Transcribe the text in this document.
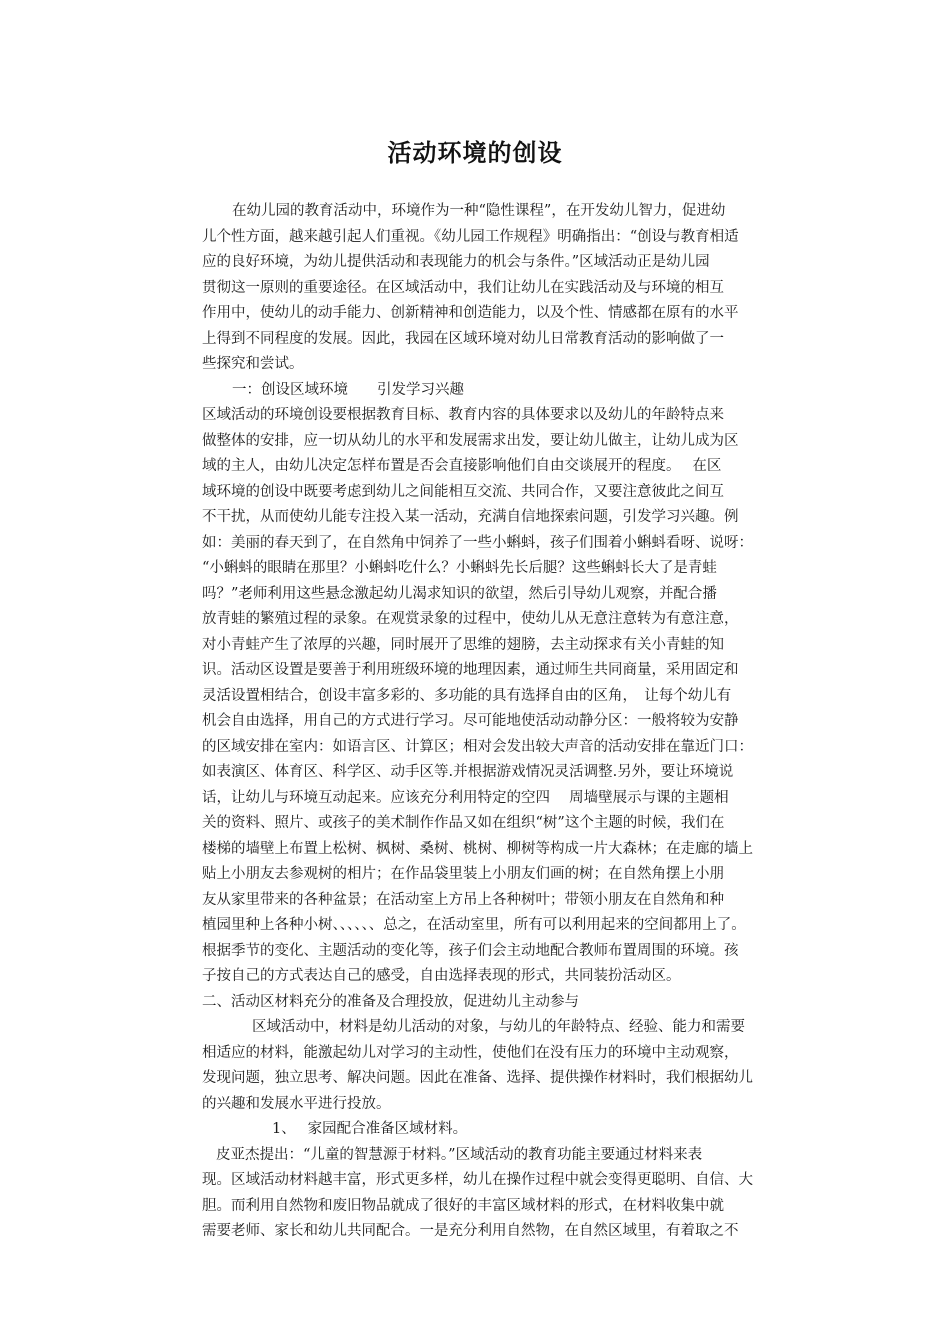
活动环境的创设
在幼儿园的教育活动中，环境作为一种“隐性课程”，在开发幼儿智力，促进幼
儿个性方面，越来越引起人们重视。《幼儿园工作规程》明确指出：“创设与教育相适
应的良好环境，为幼儿提供活动和表现能力的机会与条件。”区域活动正是幼儿园
贯彻这一原则的重要途径。在区域活动中，我们让幼儿在实践活动及与环境的相互
作用中，使幼儿的动手能力、创新精神和创造能力，以及个性、情感都在原有的水平
上得到不同程度的发展。因此，我园在区域环境对幼儿日常教育活动的影响做了一
些探究和尝试。
一：创设区域环境　　引发学习兴趣
区域活动的环境创设要根据教育目标、教育内容的具体要求以及幼儿的年龄特点来
做整体的安排，应一切从幼儿的水平和发展需求出发，要让幼儿做主，让幼儿成为区
域的主人，由幼儿决定怎样布置是否会直接影响他们自由交谈展开的程度。　 在区
域环境的创设中既要考虑到幼儿之间能相互交流、共同合作，又要注意彼此之间互
不干扰，从而使幼儿能专注投入某一活动，充满自信地探索问题，引发学习兴趣。例
如：美丽的春天到了，在自然角中饲养了一些小蝌蚪，孩子们围着小蝌蚪看呀、说呀：
“小蝌蚪的眼睛在那里？小蝌蚪吃什么？小蝌蚪先长后腿？这些蝌蚪长大了是青蛙
吗？”老师利用这些悬念激起幼儿渴求知识的欲望，然后引导幼儿观察，并配合播
放青蛙的繁殖过程的录象。在观赏录象的过程中，使幼儿从无意注意转为有意注意，
对小青蛙产生了浓厚的兴趣，同时展开了思维的翅膀，去主动探求有关小青蛙的知
识。活动区设置是要善于利用班级环境的地理因素，通过师生共同商量，采用固定和
灵活设置相结合，创设丰富多彩的、多功能的具有选择自由的区角，　让每个幼儿有
机会自由选择，用自己的方式进行学习。尽可能地使活动动静分区：一般将较为安静
的区域安排在室内：如语言区、计算区；相对会发出较大声音的活动安排在靠近门口：
如表演区、体育区、科学区、动手区等.并根据游戏情况灵活调整.另外，要让环境说
话，让幼儿与环境互动起来。应该充分利用特定的空四　 周墙壁展示与课的主题相
关的资料、照片、或孩子的美术制作作品又如在组织“树”这个主题的时候，我们在
楼梯的墙壁上布置上松树、枫树、桑树、桃树、柳树等构成一片大森林；在走廊的墙上
贴上小朋友去参观树的相片；在作品袋里装上小朋友们画的树；在自然角摆上小朋
友从家里带来的各种盆景；在活动室上方吊上各种树叶；带领小朋友在自然角和种
植园里种上各种小树、、、、、、总之，在活动室里，所有可以利用起来的空间都用上了。
根据季节的变化、主题活动的变化等，孩子们会主动地配合教师布置周围的环境。孩
子按自己的方式表达自己的感受，自由选择表现的形式，共同装扮活动区。
二、活动区材料充分的准备及合理投放，促进幼儿主动参与
区域活动中，材料是幼儿活动的对象，与幼儿的年龄特点、经验、能力和需要
相适应的材料，能激起幼儿对学习的主动性，使他们在没有压力的环境中主动观察，
发现问题，独立思考、解决问题。因此在准备、选择、提供操作材料时，我们根据幼儿
的兴趣和发展水平进行投放。
1、　 家园配合准备区域材料。
皮亚杰提出：“儿童的智慧源于材料。”区域活动的教育功能主要通过材料来表
现。区域活动材料越丰富，形式更多样，幼儿在操作过程中就会变得更聪明、自信、大
胆。而利用自然物和废旧物品就成了很好的丰富区域材料的形式，在材料收集中就
需要老师、家长和幼儿共同配合。一是充分利用自然物，在自然区域里，有着取之不
